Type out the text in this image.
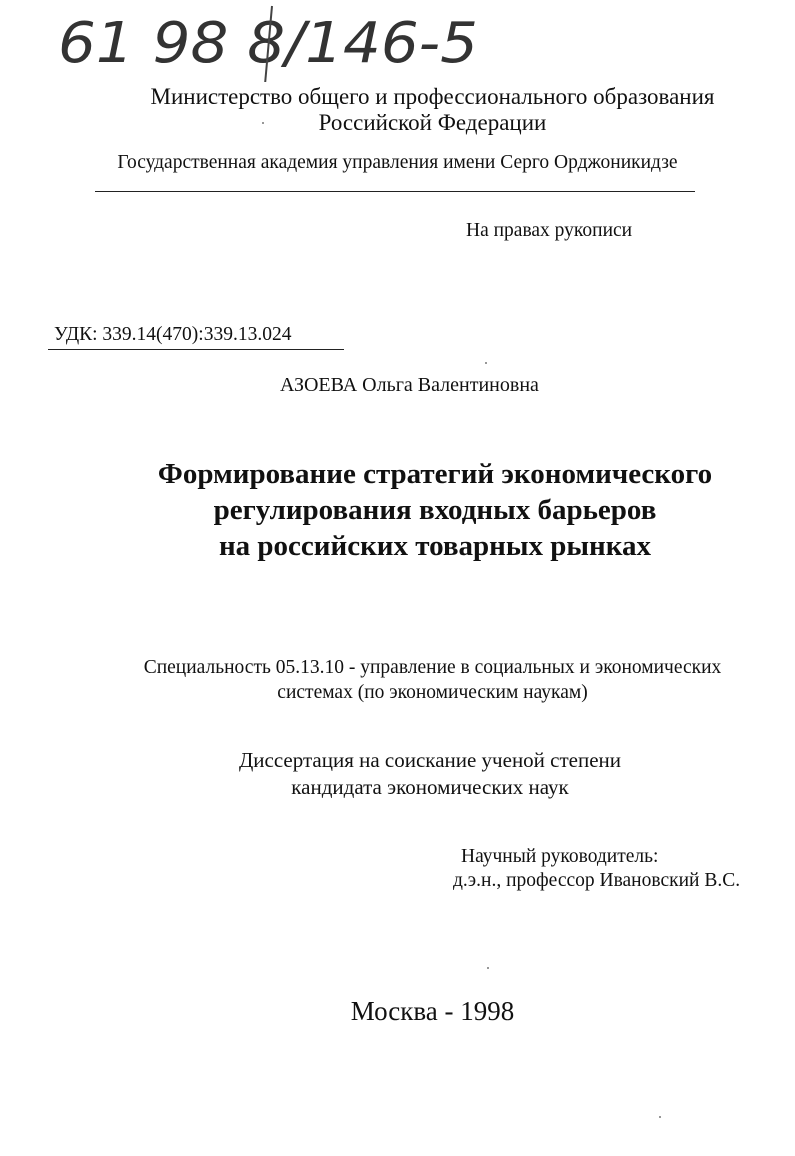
61 98 8/146-5
Министерство общего и профессионального образования
Российской Федерации
Государственная академия управления имени Серго Орджоникидзе
На правах рукописи
УДК: 339.14(470):339.13.024
АЗОЕВА Ольга Валентиновна
Формирование стратегий экономического
регулирования входных барьеров
на российских товарных рынках
Специальность 05.13.10 - управление в социальных и экономических
системах (по экономическим наукам)
Диссертация на соискание ученой степени
кандидата экономических наук
Научный руководитель:
д.э.н., профессор Ивановский В.С.
Москва - 1998
